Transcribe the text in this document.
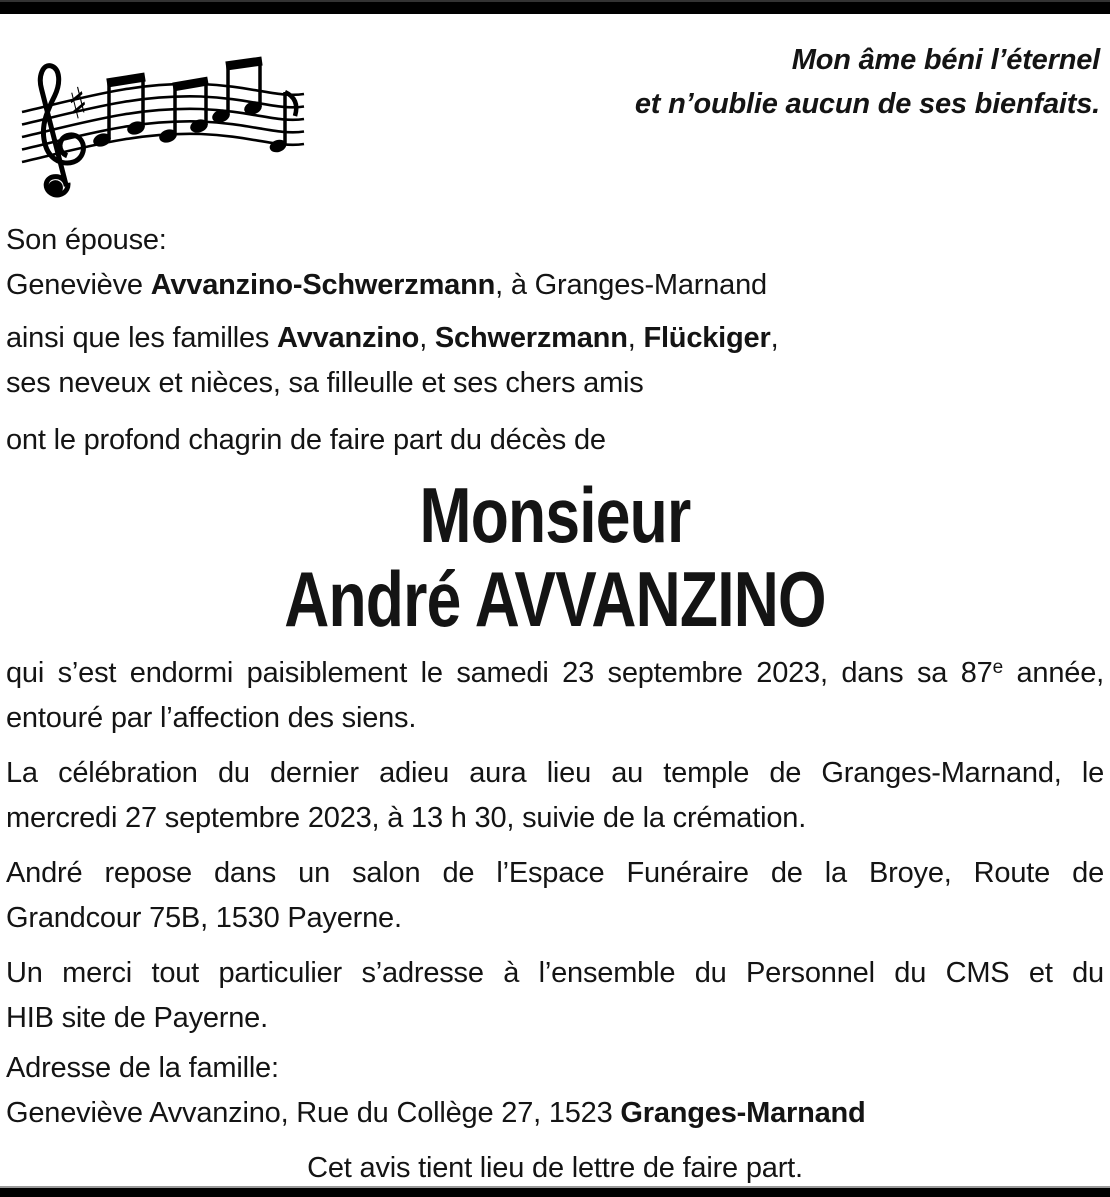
♯
Mon âme béni l’éternel
et n’oublie aucun de ses bienfaits.
Son épouse:
Geneviève Avvanzino-Schwerzmann, à Granges-Marnand
ainsi que les familles Avvanzino, Schwerzmann, Flückiger,
ses neveux et nièces, sa filleulle et ses chers amis
ont le profond chagrin de faire part du décès de
Monsieur
André AVVANZINO
qui s’est endormi paisiblement le samedi 23 septembre 2023, dans sa 87e année,
entouré par l’affection des siens.
La célébration du dernier adieu aura lieu au temple de Granges-Marnand, le
mercredi 27 septembre 2023, à 13 h 30, suivie de la crémation.
André repose dans un salon de l’Espace Funéraire de la Broye, Route de
Grandcour 75B, 1530 Payerne.
Un merci tout particulier s’adresse à l’ensemble du Personnel du CMS et du
HIB site de Payerne.
Adresse de la famille:
Geneviève Avvanzino, Rue du Collège 27, 1523 Granges-Marnand
Cet avis tient lieu de lettre de faire part.
